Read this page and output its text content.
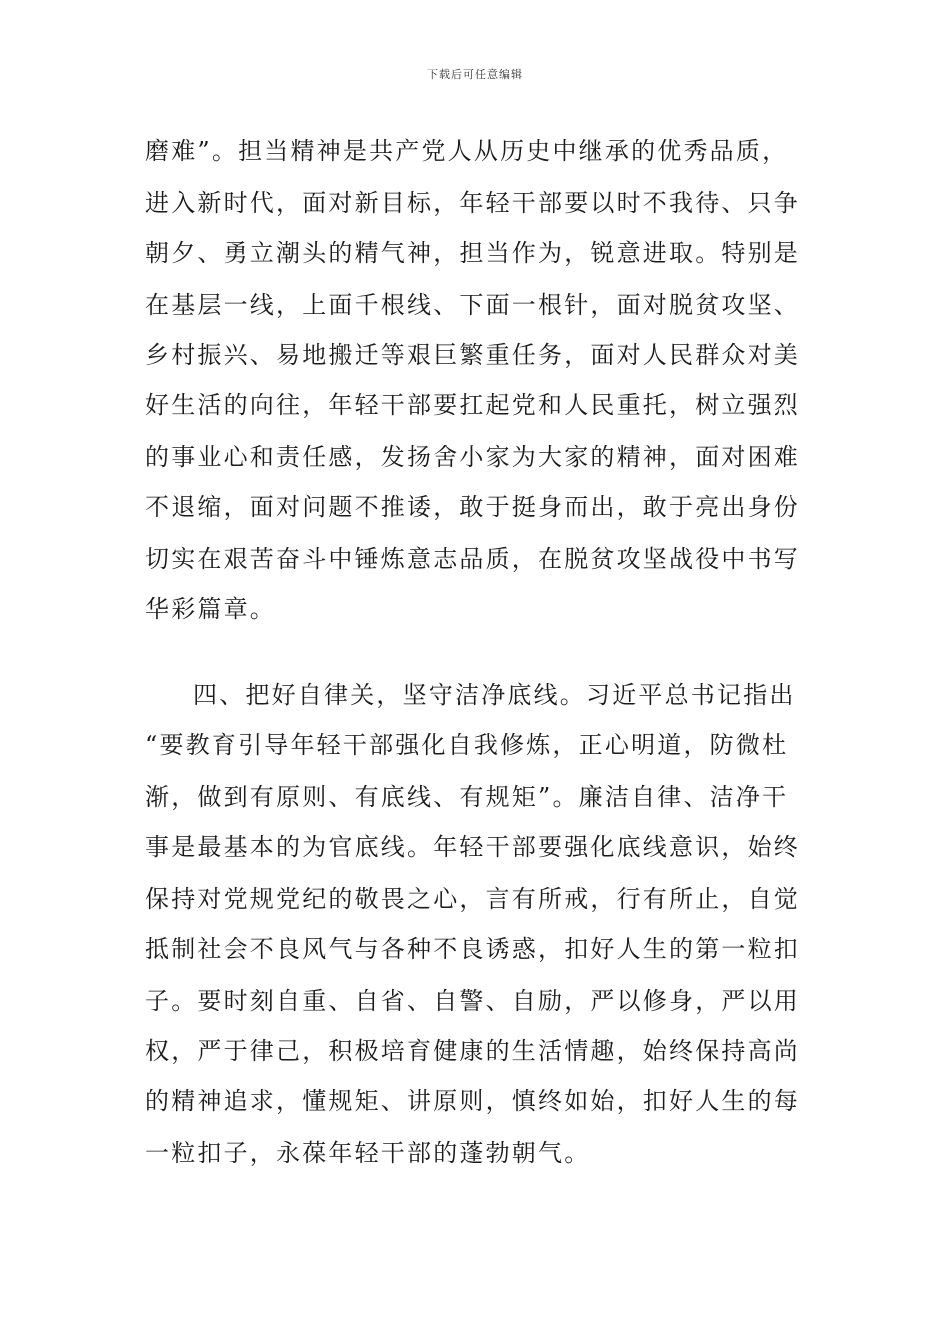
下载后可任意编辑
磨难”。担当精神是共产党人从历史中继承的优秀品质，
进入新时代，面对新目标，年轻干部要以时不我待、只争
朝夕、勇立潮头的精气神，担当作为，锐意进取。特别是
在基层一线，上面千根线、下面一根针，面对脱贫攻坚、
乡村振兴、易地搬迁等艰巨繁重任务，面对人民群众对美
好生活的向往，年轻干部要扛起党和人民重托，树立强烈
的事业心和责任感，发扬舍小家为大家的精神，面对困难
不退缩，面对问题不推诿，敢于挺身而出，敢于亮出身份
切实在艰苦奋斗中锤炼意志品质，在脱贫攻坚战役中书写
华彩篇章。
四、把好自律关，坚守洁净底线。习近平总书记指出
“要教育引导年轻干部强化自我修炼，正心明道，防微杜
渐，做到有原则、有底线、有规矩”。廉洁自律、洁净干
事是最基本的为官底线。年轻干部要强化底线意识，始终
保持对党规党纪的敬畏之心，言有所戒，行有所止，自觉
抵制社会不良风气与各种不良诱惑，扣好人生的第一粒扣
子。要时刻自重、自省、自警、自励，严以修身，严以用
权，严于律己，积极培育健康的生活情趣，始终保持高尚
的精神追求，懂规矩、讲原则，慎终如始，扣好人生的每
一粒扣子，永葆年轻干部的蓬勃朝气。
